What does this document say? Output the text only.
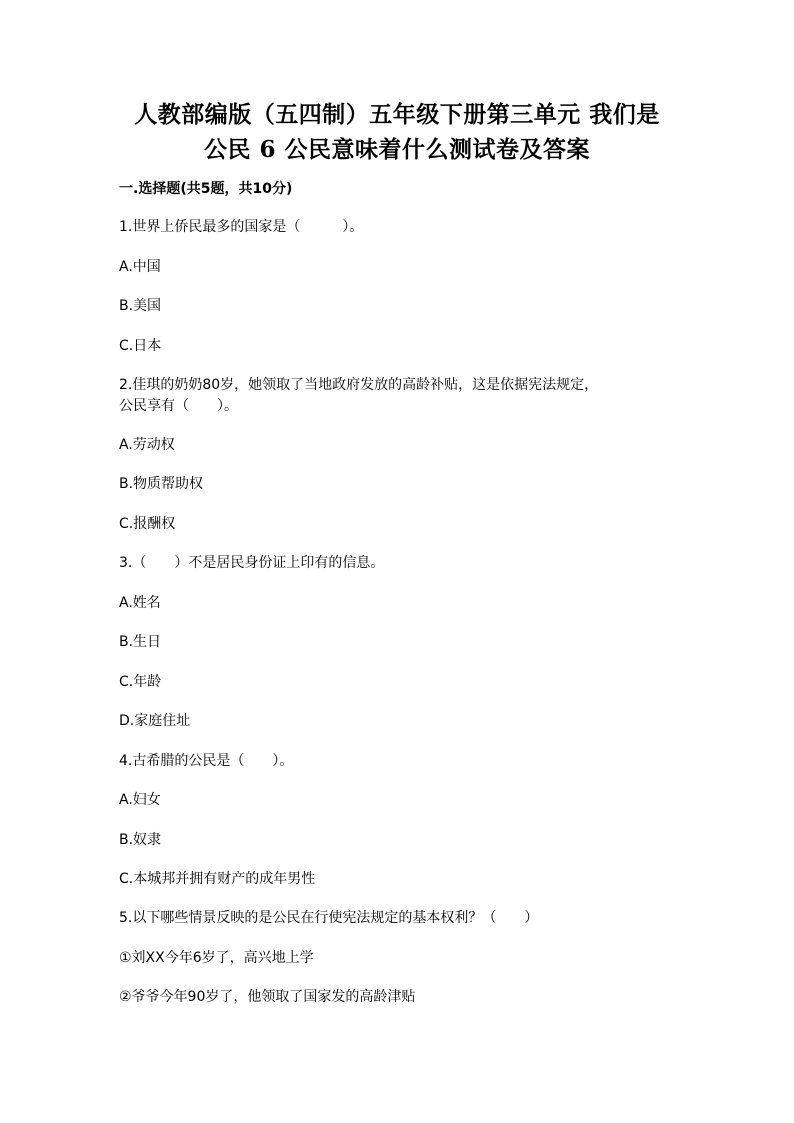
人教部编版（五四制）五年级下册第三单元 我们是
公民 6 公民意味着什么测试卷及答案

一.选择题(共5题，共10分)

1.世界上侨民最多的国家是（　　　）。

A.中国

B.美国

C.日本

2.佳琪的奶奶80岁，她领取了当地政府发放的高龄补贴，这是依据宪法规定，

公民享有（　　）。

A.劳动权

B.物质帮助权

C.报酬权

3.（　　）不是居民身份证上印有的信息。

A.姓名

B.生日

C.年龄

D.家庭住址

4.古希腊的公民是（　　）。

A.妇女

B.奴隶

C.本城邦并拥有财产的成年男性

5.以下哪些情景反映的是公民在行使宪法规定的基本权利？（　　）

①刘XX今年6岁了，高兴地上学

②爷爷今年90岁了，他领取了国家发的高龄津贴
